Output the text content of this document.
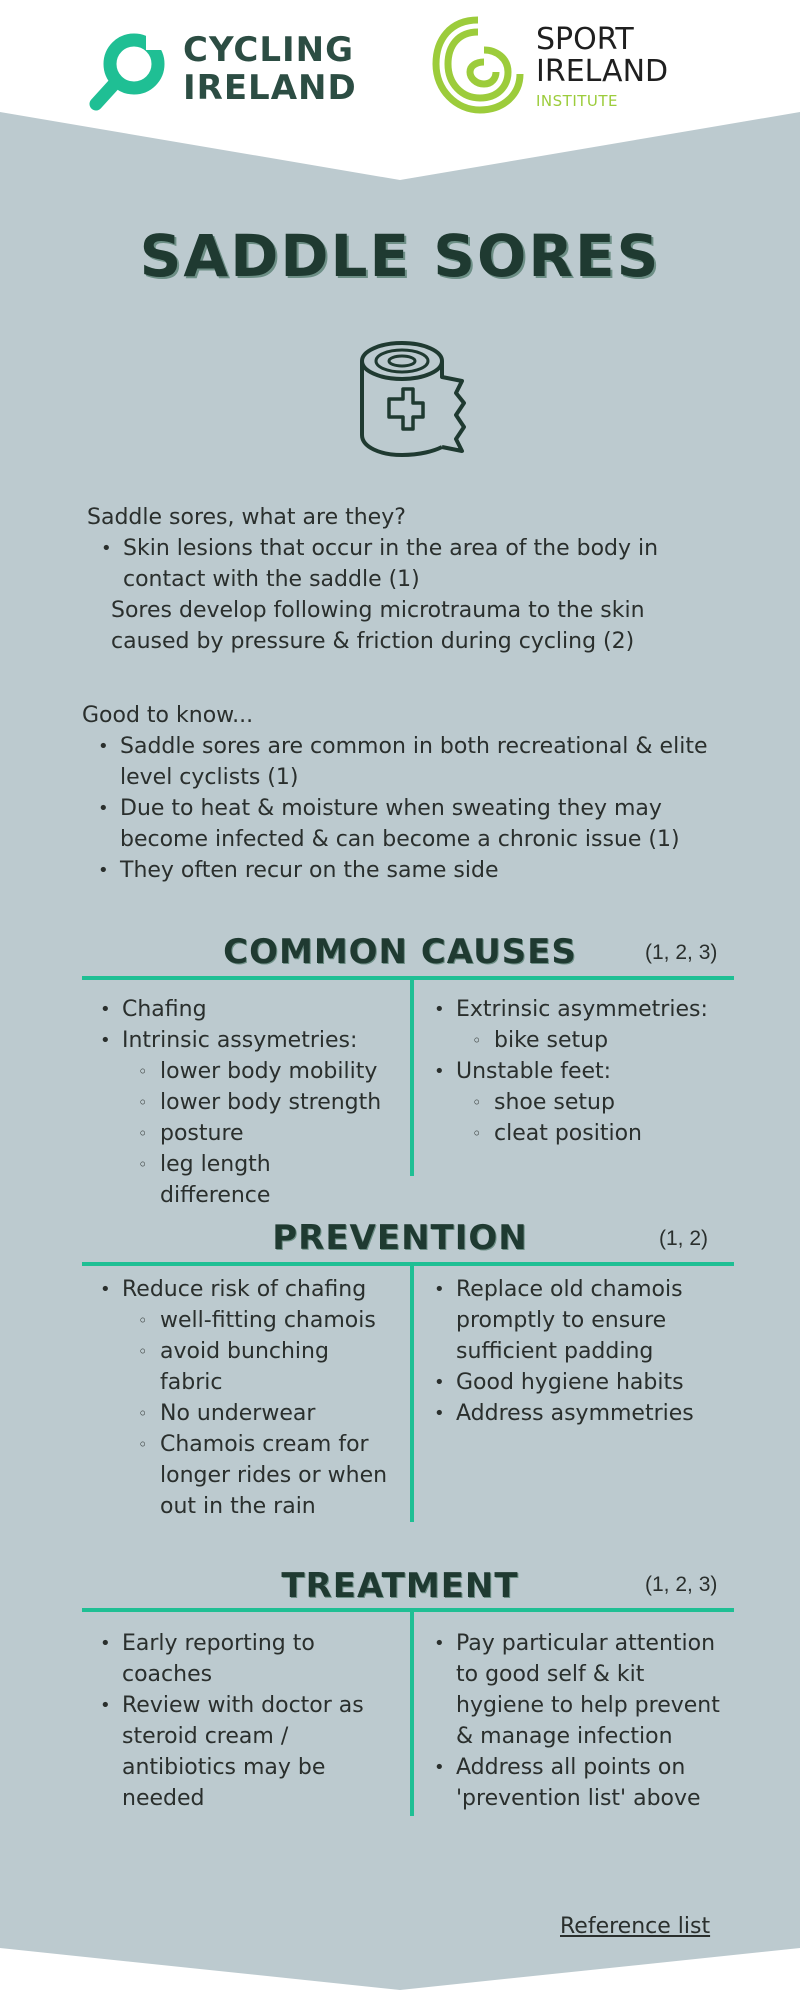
CYCLING
IRELAND
SPORT
IRELAND
INSTITUTE
SADDLE SORES
Saddle sores, what are they?
• Skin lesions that occur in the area of the body in contact with the saddle (1)
Sores develop following microtrauma to the skin caused by pressure & friction during cycling (2)
Good to know...
• Saddle sores are common in both recreational & elite level cyclists (1)
• Due to heat & moisture when sweating they may become infected & can become a chronic issue (1)
• They often recur on the same side
COMMON CAUSES	(1, 2, 3)
• Chafing
• Intrinsic assymetries:
◦ lower body mobility
◦ lower body strength
◦ posture
◦ leg length difference
• Extrinsic asymmetries:
◦ bike setup
• Unstable feet:
◦ shoe setup
◦ cleat position
PREVENTION	(1, 2)
• Reduce risk of chafing
◦ well-fitting chamois
◦ avoid bunching fabric
◦ No underwear
◦ Chamois cream for longer rides or when out in the rain
• Replace old chamois promptly to ensure sufficient padding
• Good hygiene habits
• Address asymmetries
TREATMENT	(1, 2, 3)
• Early reporting to coaches
• Review with doctor as steroid cream / antibiotics may be needed
• Pay particular attention to good self & kit hygiene to help prevent & manage infection
• Address all points on 'prevention list' above
Reference list
